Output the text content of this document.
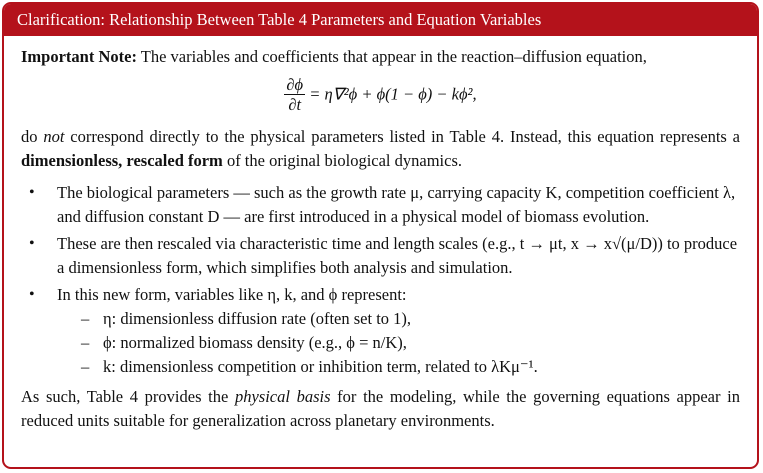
Clarification: Relationship Between Table 4 Parameters and Equation Variables

Important Note: The variables and coefficients that appear in the reaction–diffusion equation,

$\frac{\partial\phi}{\partial t} = \eta\nabla^2\phi + \phi(1 - \phi) - k\phi^2$,

do not correspond directly to the physical parameters listed in Table 4. Instead, this equation represents a dimensionless, rescaled form of the original biological dynamics.

• The biological parameters — such as the growth rate μ, carrying capacity K, competition coefficient λ, and diffusion constant D — are first introduced in a physical model of biomass evolution.
• These are then rescaled via characteristic time and length scales (e.g., t → μt, x → x√(μ/D)) to produce a dimensionless form, which simplifies both analysis and simulation.
• In this new form, variables like η, k, and ϕ represent:
– η: dimensionless diffusion rate (often set to 1),
– ϕ: normalized biomass density (e.g., ϕ = n/K),
– k: dimensionless competition or inhibition term, related to λKμ⁻¹.

As such, Table 4 provides the physical basis for the modeling, while the governing equations appear in reduced units suitable for generalization across planetary environments.
